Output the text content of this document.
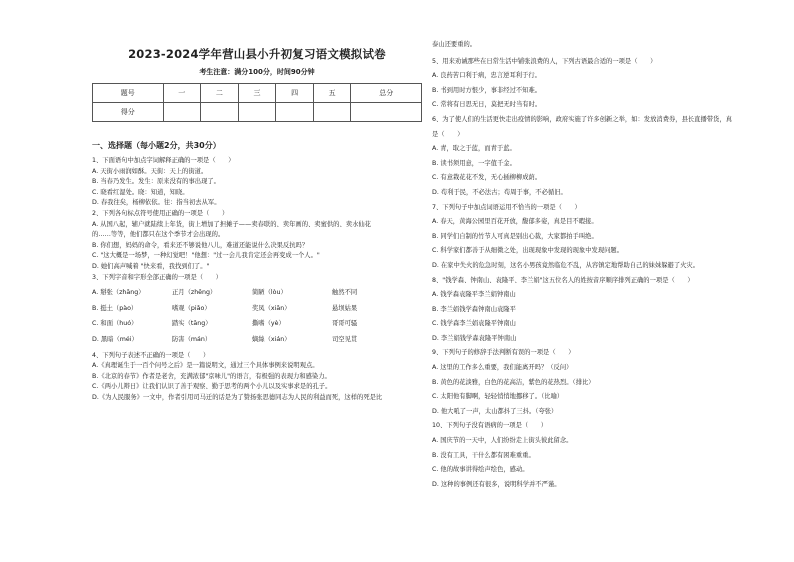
2023-2024学年营山县小升初复习语文模拟试卷
考生注意：满分100分，时间90分钟
题号	一	二	三	四	五	总分
得分						
一、选择题（每小题2分，共30分）
1、下面语句中加点字词解释正确的一项是（　　）
A. 天街小雨润如酥。天街：天上的街道。
B. 当春乃发生。发生：原来没有的事出现了。
C. 晓看红湿处。晓：知道，知晓。
D. 春我往矣，杨柳依依。往：指当初去从军。
2、下列各句标点符号使用正确的一项是（　　）
A. 从国八起，辅户就陆续上年货，街上增加了担摊子——卖春联的、卖年画的、卖蜜供的、卖水仙花
的……等等，他们都只在这个季节才会出现的。
B. 你们想，妈妈的命令，看来还不够说他八儿，难道还能说什么决果反抗吗？
C. "这大概是一场梦，一种幻觉吧！"他想："过一会儿我肯定还会再变成一个人。"
D. 她们高声喊着 "快来看，我找到们了。"
3、下列字音和字形全部正确的一项是（　　）
A. 掰张（zhāng）	正月（zhēng）	简陋（lòu）	触然不同
B. 挺土（pào）	嗜观（piǎo）	奖凤（xiān）	悬坝姑果
C. 和面（huó）	踏实（tāng）	撕嗜（yè）	哥哥可骚
D. 黑暗（méi）	防害（mán）	嫡絲（xián）	司空见贯
4、下列句子表述不正确的一项是（　　）
A.《真理诞生于一百个问号之后》是一篇说明文，通过三个具体事例来说明观点。
B.《北京的春节》作者是老舍，充满浓郁"京味儿"的语言，有极强的表现力和感染力。
C.《两小儿辩日》让我们认识了善于观察、勤于思考的两个小儿以及实事求是的孔子。
D.《为人民服务》一文中，作者引用司马迁的话是为了赞扬张思德同志为人民的利益而死，这样的死是比
泰山还要重的。
5、用来劝诫那些在日常生活中铺张浪费的人，下列古语最合适的一项是（　　）
A. 良药苦口利于病，忠言逆耳利于行。
B. 书到用时方恨少，事非经过不知难。
C. 常将有日思无日，莫把无时当有时。
6、为了使人们的生活更快走出疫情的影响，政府实施了许多创新之举，如：发放消费券，县长直播带货，真
是（　　）
A. 青，取之于蓝，而青于蓝。
B. 读书须用意，一字值千金。
C. 有意栽花花不发，无心插柳柳成荫。
D. 苟利于民，不必法古；苟周于事，不必循旧。
7、下列句子中加点词语运用不恰当的一项是（　　）
A. 春天，黄海公园里百花开放，馥郁多姿，真是目不暇接。
B. 同学们自制的竹节人可真是别出心裁，大家都拍手叫绝。
C. 科学家们都善于从细微之处，出现现象中发现的现象中发现问题。
D. 在家中失火的危急时刻，这名小男孩竟然临危不乱，从容镇定地帮助自己的妹妹躲避了火灾。
8、"钱学森、钟南山、袁隆平、李兰娟"这五位名人的姓按音序顺序排列正确的一项是（　　）
A. 钱学森袁隆平李兰娟钟南山
B. 李兰娟钱学森钟南山袁隆平
C. 钱学森李兰娟袁隆平钟南山
D. 李兰娟钱学森袁隆平钟南山
9、下列句子的修辞手法判断有误的一项是（　　）
A. 这里的工作多么重要，我们能离开吗？（反问）
B. 黄色的花淡雅，白色的花高洁，紫色的花热烈。（排比）
C. 太阳他有脚啊，轻轻悄悄地挪移了。（比喻）
D. 他大吼了一声，太山都抖了三抖。（夸张）
10、下列句子没有语病的一项是（　　）
A. 国庆节的一天中，人们纷纷走上街头彼此留念。
B. 没有工具，干什么都有困难重重。
C. 他的故事讲得绘声绘色，感动。
D. 这种的事例还有很多，说明科学并不严谨。
